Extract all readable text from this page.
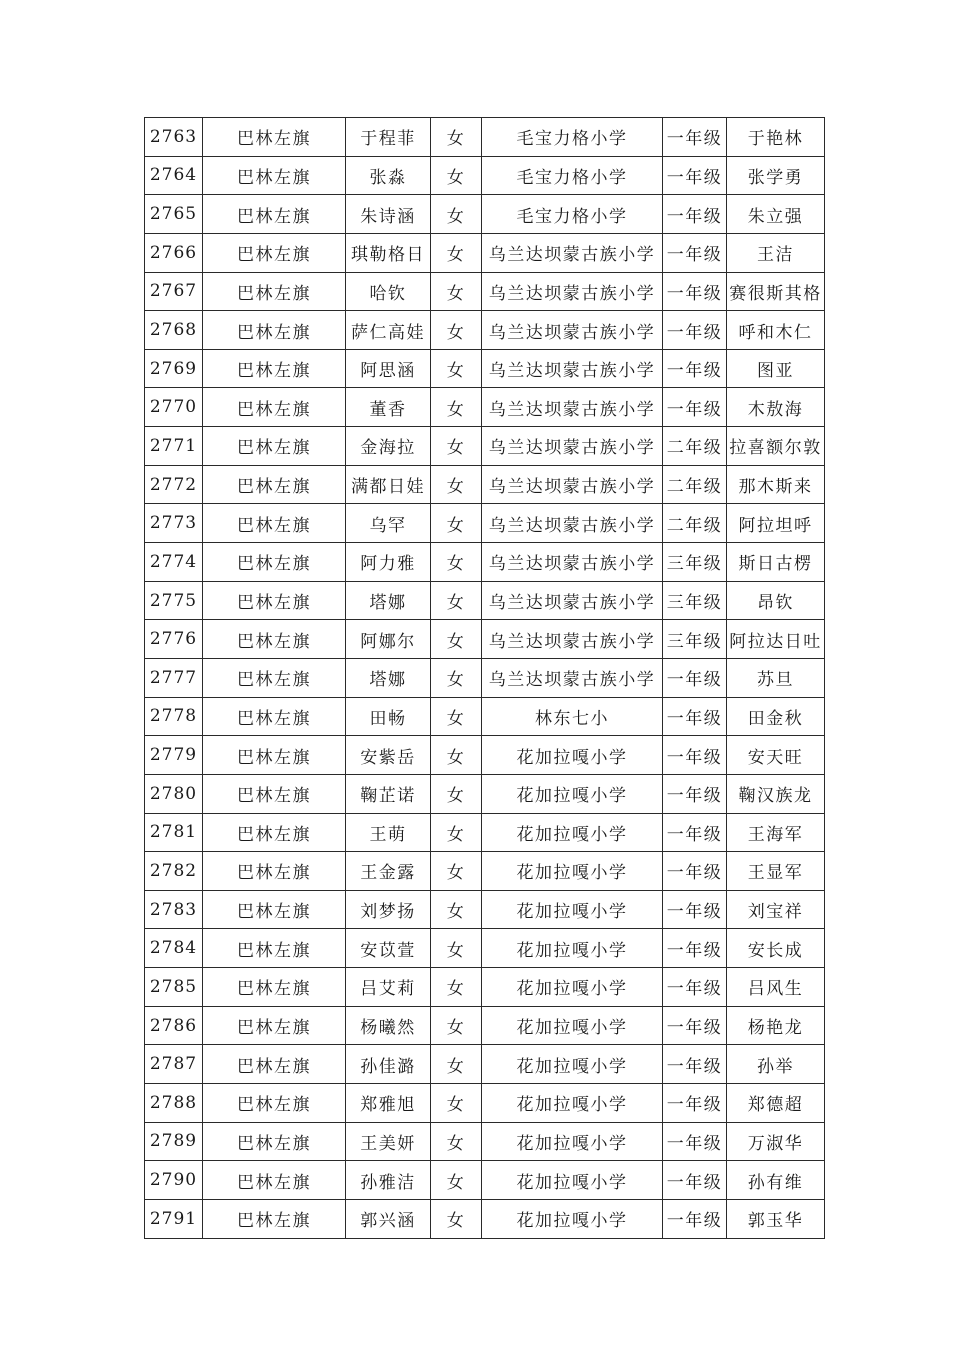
2763	巴林左旗	于程菲	女	毛宝力格小学	一年级	于艳林
2764	巴林左旗	张淼	女	毛宝力格小学	一年级	张学勇
2765	巴林左旗	朱诗涵	女	毛宝力格小学	一年级	朱立强
2766	巴林左旗	琪勒格日	女	乌兰达坝蒙古族小学	一年级	王洁
2767	巴林左旗	哈钦	女	乌兰达坝蒙古族小学	一年级	赛很斯其格
2768	巴林左旗	萨仁高娃	女	乌兰达坝蒙古族小学	一年级	呼和木仁
2769	巴林左旗	阿思涵	女	乌兰达坝蒙古族小学	一年级	图亚
2770	巴林左旗	董香	女	乌兰达坝蒙古族小学	一年级	木敖海
2771	巴林左旗	金海拉	女	乌兰达坝蒙古族小学	二年级	拉喜额尔敦
2772	巴林左旗	满都日娃	女	乌兰达坝蒙古族小学	二年级	那木斯来
2773	巴林左旗	乌罕	女	乌兰达坝蒙古族小学	二年级	阿拉坦呼
2774	巴林左旗	阿力雅	女	乌兰达坝蒙古族小学	三年级	斯日古楞
2775	巴林左旗	塔娜	女	乌兰达坝蒙古族小学	三年级	昂钦
2776	巴林左旗	阿娜尔	女	乌兰达坝蒙古族小学	三年级	阿拉达日吐
2777	巴林左旗	塔娜	女	乌兰达坝蒙古族小学	一年级	苏旦
2778	巴林左旗	田畅	女	林东七小	一年级	田金秋
2779	巴林左旗	安紫岳	女	花加拉嘎小学	一年级	安天旺
2780	巴林左旗	鞠芷诺	女	花加拉嘎小学	一年级	鞠汉族龙
2781	巴林左旗	王萌	女	花加拉嘎小学	一年级	王海军
2782	巴林左旗	王金露	女	花加拉嘎小学	一年级	王显军
2783	巴林左旗	刘梦扬	女	花加拉嘎小学	一年级	刘宝祥
2784	巴林左旗	安苡萱	女	花加拉嘎小学	一年级	安长成
2785	巴林左旗	吕艾莉	女	花加拉嘎小学	一年级	吕风生
2786	巴林左旗	杨曦然	女	花加拉嘎小学	一年级	杨艳龙
2787	巴林左旗	孙佳潞	女	花加拉嘎小学	一年级	孙举
2788	巴林左旗	郑雅旭	女	花加拉嘎小学	一年级	郑德超
2789	巴林左旗	王美妍	女	花加拉嘎小学	一年级	万淑华
2790	巴林左旗	孙雅洁	女	花加拉嘎小学	一年级	孙有维
2791	巴林左旗	郭兴涵	女	花加拉嘎小学	一年级	郭玉华
